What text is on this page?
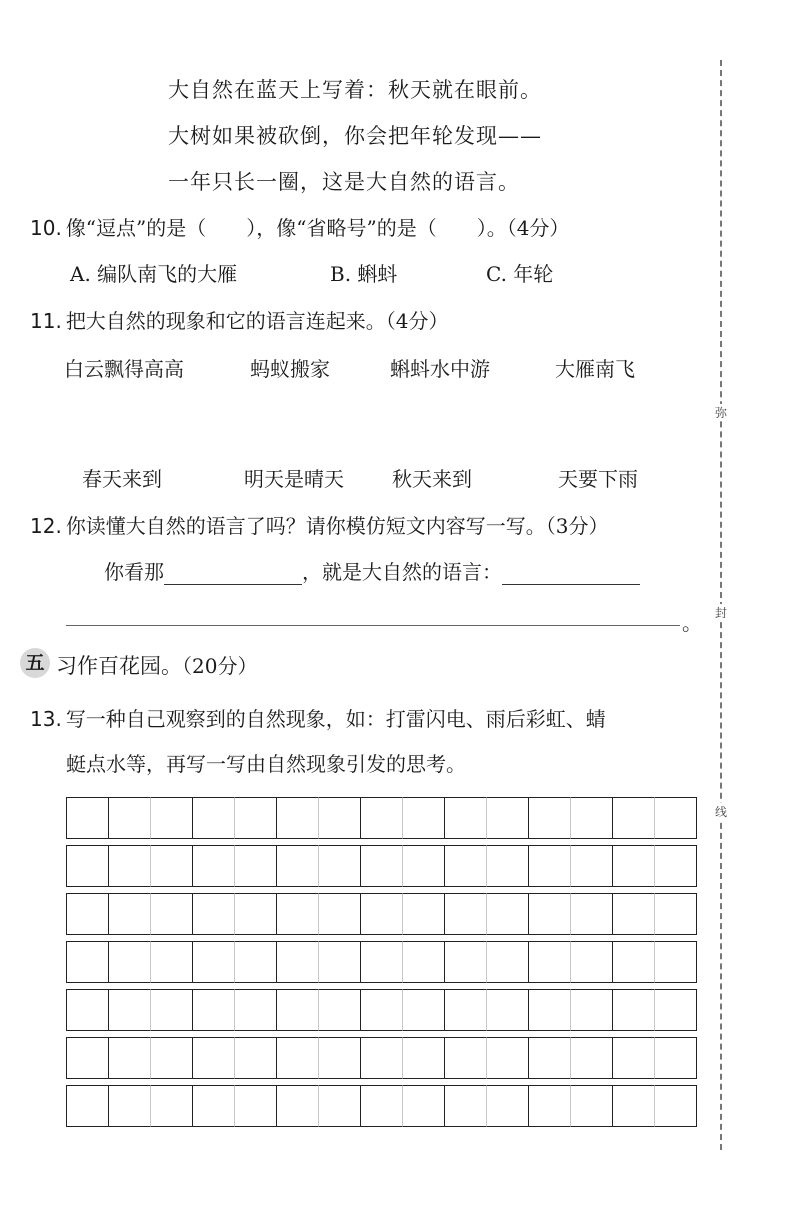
大自然在蓝天上写着：秋天就在眼前。
大树如果被砍倒，你会把年轮发现——
一年只长一圈，这是大自然的语言。
10. 像“逗点”的是（　　），像“省略号”的是（　　）。（4分）
A. 编队南飞的大雁	B. 蝌蚪	C. 年轮
11. 把大自然的现象和它的语言连起来。（4分）
白云飘得高高	蚂蚁搬家	蝌蚪水中游	大雁南飞
春天来到	明天是晴天 秋天来到	天要下雨
12. 你读懂大自然的语言了吗？请你模仿短文内容写一写。（3分）
你看那	，就是大自然的语言：
。
五 习作百花园。（20分）
13. 写一种自己观察到的自然现象，如：打雷闪电、雨后彩虹、蜻
蜓点水等，再写一写由自然现象引发的思考。
弥
封
线
